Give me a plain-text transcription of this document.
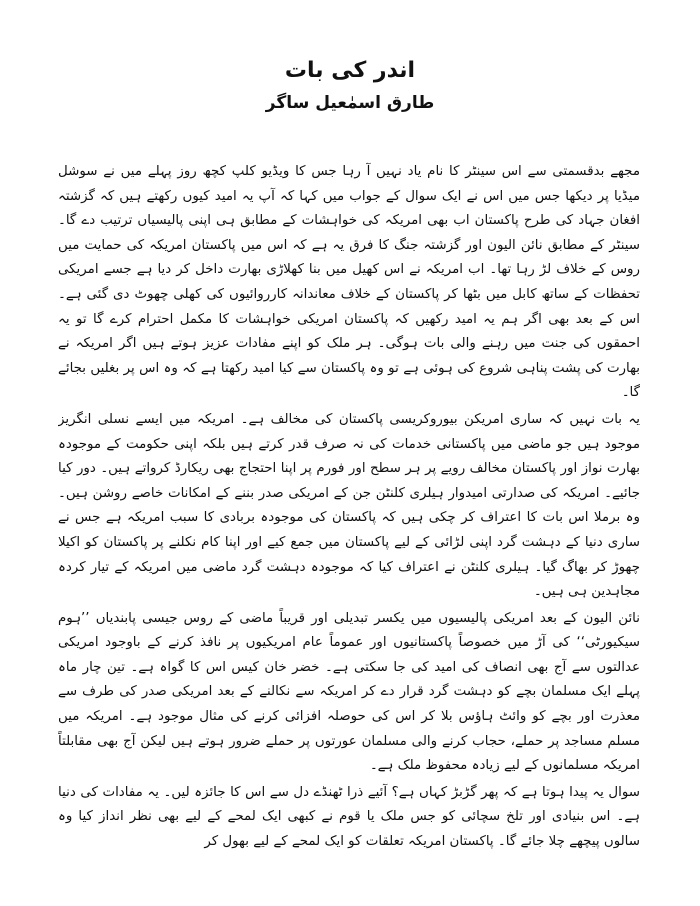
اندر کی بات
طارق اسمٰعیل ساگر

مجھے بدقسمتی سے اس سینٹر کا نام یاد نہیں آ رہا جس کا ویڈیو کلپ کچھ روز پہلے میں نے سوشل میڈیا پر دیکھا جس میں اس نے ایک سوال کے جواب میں کہا کہ آپ یہ امید کیوں رکھتے ہیں کہ گزشتہ افغان جہاد کی طرح پاکستان اب بھی امریکہ کی خواہشات کے مطابق ہی اپنی پالیسیاں ترتیب دے گا۔ سینٹر کے مطابق نائن الیون اور گزشتہ جنگ کا فرق یہ ہے کہ اس میں پاکستان امریکہ کی حمایت میں روس کے خلاف لڑ رہا تھا۔ اب امریکہ نے اس کھیل میں بنا کھلاڑی بھارت داخل کر دیا ہے جسے امریکی تحفظات کے ساتھ کابل میں بٹھا کر پاکستان کے خلاف معاندانہ کارروائیوں کی کھلی چھوٹ دی گئی ہے۔ اس کے بعد بھی اگر ہم یہ امید رکھیں کہ پاکستان امریکی خواہشات کا مکمل احترام کرے گا تو یہ احمقوں کی جنت میں رہنے والی بات ہوگی۔ ہر ملک کو اپنے مفادات عزیز ہوتے ہیں اگر امریکہ نے بھارت کی پشت پناہی شروع کی ہوئی ہے تو وہ پاکستان سے کیا امید رکھتا ہے کہ وہ اس پر بغلیں بجائے گا۔

یہ بات نہیں کہ ساری امریکن بیوروکریسی پاکستان کی مخالف ہے۔ امریکہ میں ایسے نسلی انگریز موجود ہیں جو ماضی میں پاکستانی خدمات کی نہ صرف قدر کرتے ہیں بلکہ اپنی حکومت کے موجودہ بھارت نواز اور پاکستان مخالف رویے پر ہر سطح اور فورم پر اپنا احتجاج بھی ریکارڈ کرواتے ہیں۔ دور کیا جائیے۔ امریکہ کی صدارتی امیدوار ہیلری کلنٹن جن کے امریکی صدر بننے کے امکانات خاصے روشن ہیں۔ وہ برملا اس بات کا اعتراف کر چکی ہیں کہ پاکستان کی موجودہ بربادی کا سبب امریکہ ہے جس نے ساری دنیا کے دہشت گرد اپنی لڑائی کے لیے پاکستان میں جمع کیے اور اپنا کام نکلنے پر پاکستان کو اکیلا چھوڑ کر بھاگ گیا۔ ہیلری کلنٹن نے اعتراف کیا کہ موجودہ دہشت گرد ماضی میں امریکہ کے تیار کردہ مجاہدین ہی ہیں۔

نائن الیون کے بعد امریکی پالیسیوں میں یکسر تبدیلی اور قریباً ماضی کے روس جیسی پابندیاں ’’ہوم سیکیورٹی‘‘ کی آڑ میں خصوصاً پاکستانیوں اور عموماً عام امریکیوں پر نافذ کرنے کے باوجود امریکی عدالتوں سے آج بھی انصاف کی امید کی جا سکتی ہے۔ خضر خان کیس اس کا گواہ ہے۔ تین چار ماہ پہلے ایک مسلمان بچے کو دہشت گرد قرار دے کر امریکہ سے نکالنے کے بعد امریکی صدر کی طرف سے معذرت اور بچے کو وائٹ ہاؤس بلا کر اس کی حوصلہ افزائی کرنے کی مثال موجود ہے۔ امریکہ میں مسلم مساجد پر حملے، حجاب کرنے والی مسلمان عورتوں پر حملے ضرور ہوتے ہیں لیکن آج بھی مقابلتاً امریکہ مسلمانوں کے لیے زیادہ محفوظ ملک ہے۔

سوال یہ پیدا ہوتا ہے کہ پھر گڑبڑ کہاں ہے؟ آئیے ذرا ٹھنڈے دل سے اس کا جائزہ لیں۔ یہ مفادات کی دنیا ہے۔ اس بنیادی اور تلخ سچائی کو جس ملک یا قوم نے کبھی ایک لمحے کے لیے بھی نظر انداز کیا وہ سالوں پیچھے چلا جائے گا۔ پاکستان امریکہ تعلقات کو ایک لمحے کے لیے بھول کر
